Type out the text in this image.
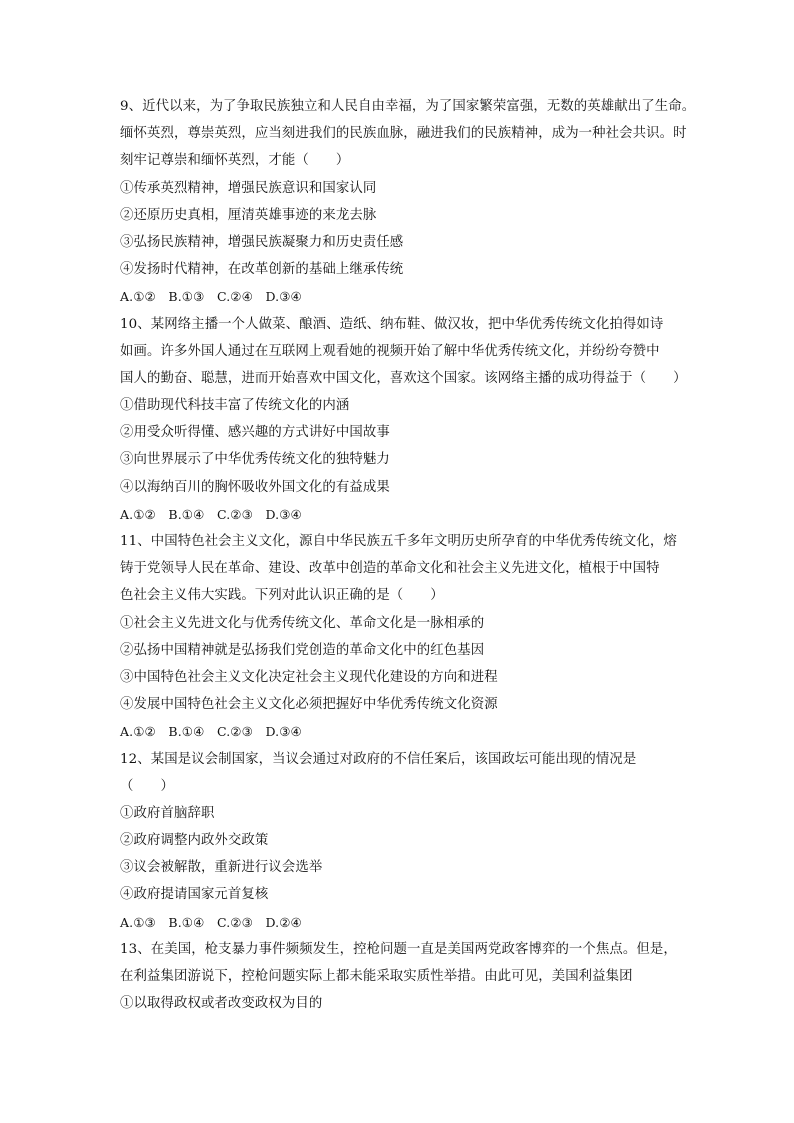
9、近代以来，为了争取民族独立和人民自由幸福，为了国家繁荣富强，无数的英雄献出了生命。
缅怀英烈，尊崇英烈，应当刻进我们的民族血脉，融进我们的民族精神，成为一种社会共识。时
刻牢记尊崇和缅怀英烈，才能（　　）
①传承英烈精神，增强民族意识和国家认同
②还原历史真相，厘清英雄事迹的来龙去脉
③弘扬民族精神，增强民族凝聚力和历史责任感
④发扬时代精神，在改革创新的基础上继承传统
A.①②　B.①③　C.②④　D.③④
10、某网络主播一个人做菜、酿酒、造纸、纳布鞋、做汉妆，把中华优秀传统文化拍得如诗
如画。许多外国人通过在互联网上观看她的视频开始了解中华优秀传统文化，并纷纷夸赞中
国人的勤奋、聪慧，进而开始喜欢中国文化，喜欢这个国家。该网络主播的成功得益于（　　）
①借助现代科技丰富了传统文化的内涵
②用受众听得懂、感兴趣的方式讲好中国故事
③向世界展示了中华优秀传统文化的独特魅力
④以海纳百川的胸怀吸收外国文化的有益成果
A.①②　B.①④　C.②③　D.③④
11、中国特色社会主义文化，源自中华民族五千多年文明历史所孕育的中华优秀传统文化，熔
铸于党领导人民在革命、建设、改革中创造的革命文化和社会主义先进文化，植根于中国特
色社会主义伟大实践。下列对此认识正确的是（　　）
①社会主义先进文化与优秀传统文化、革命文化是一脉相承的
②弘扬中国精神就是弘扬我们党创造的革命文化中的红色基因
③中国特色社会主义文化决定社会主义现代化建设的方向和进程
④发展中国特色社会主义文化必须把握好中华优秀传统文化资源
A.①②　B.①④　C.②③　D.③④
12、某国是议会制国家，当议会通过对政府的不信任案后，该国政坛可能出现的情况是
（　　）
①政府首脑辞职
②政府调整内政外交政策
③议会被解散，重新进行议会选举
④政府提请国家元首复核
A.①③　B.①④　C.②③　D.②④
13、在美国，枪支暴力事件频频发生，控枪问题一直是美国两党政客博弈的一个焦点。但是，
在利益集团游说下，控枪问题实际上都未能采取实质性举措。由此可见，美国利益集团
①以取得政权或者改变政权为目的
